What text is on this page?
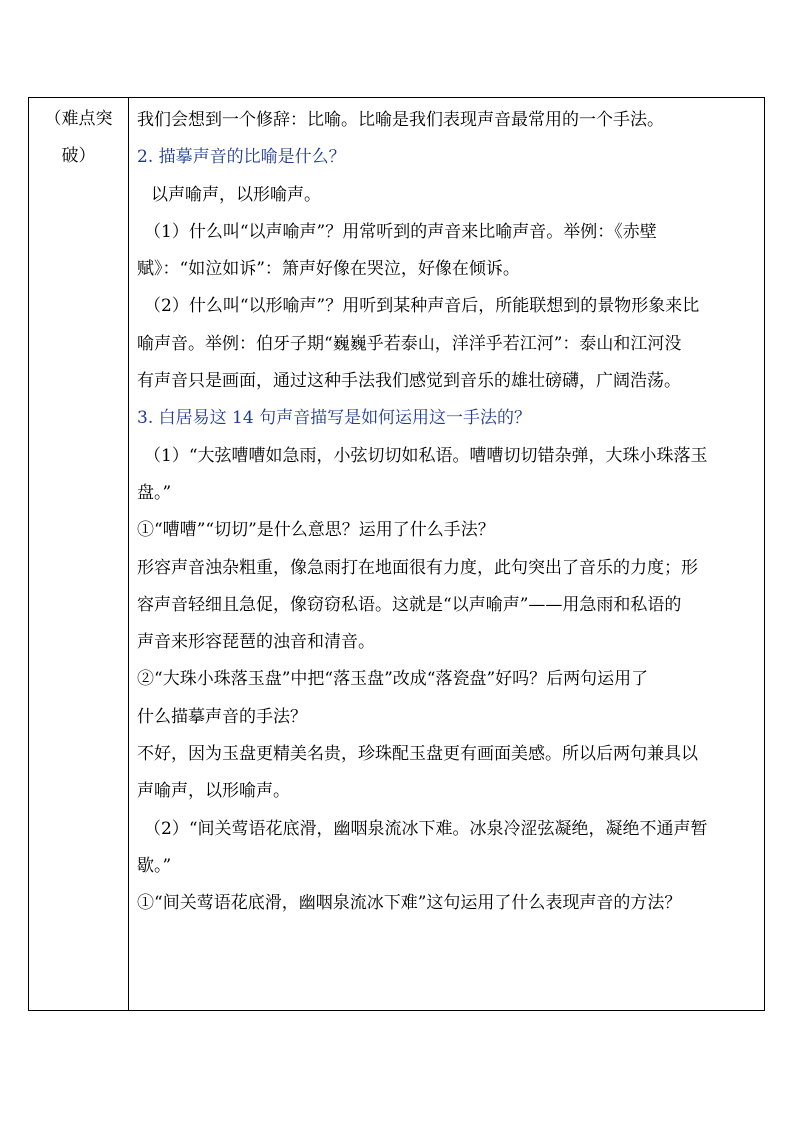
（难点突
破）
我们会想到一个修辞：比喻。比喻是我们表现声音最常用的一个手法。
2. 描摹声音的比喻是什么？
以声喻声，以形喻声。
（1）什么叫“以声喻声”？用常听到的声音来比喻声音。举例：《赤壁
赋》：“如泣如诉”：箫声好像在哭泣，好像在倾诉。
（2）什么叫“以形喻声”？用听到某种声音后，所能联想到的景物形象来比
喻声音。举例：伯牙子期“巍巍乎若泰山，洋洋乎若江河”：泰山和江河没
有声音只是画面，通过这种手法我们感觉到音乐的雄壮磅礴，广阔浩荡。
3. 白居易这 14 句声音描写是如何运用这一手法的？
（1）“大弦嘈嘈如急雨，小弦切切如私语。嘈嘈切切错杂弹，大珠小珠落玉
盘。”
①“嘈嘈”“切切”是什么意思？运用了什么手法？
形容声音浊杂粗重，像急雨打在地面很有力度，此句突出了音乐的力度；形
容声音轻细且急促，像窃窃私语。这就是“以声喻声”——用急雨和私语的
声音来形容琵琶的浊音和清音。
②“大珠小珠落玉盘”中把“落玉盘”改成“落瓷盘”好吗？后两句运用了
什么描摹声音的手法？
不好，因为玉盘更精美名贵，珍珠配玉盘更有画面美感。所以后两句兼具以
声喻声，以形喻声。
（2）“间关莺语花底滑，幽咽泉流冰下难。冰泉冷涩弦凝绝，凝绝不通声暂
歇。”
①“间关莺语花底滑，幽咽泉流冰下难”这句运用了什么表现声音的方法？
